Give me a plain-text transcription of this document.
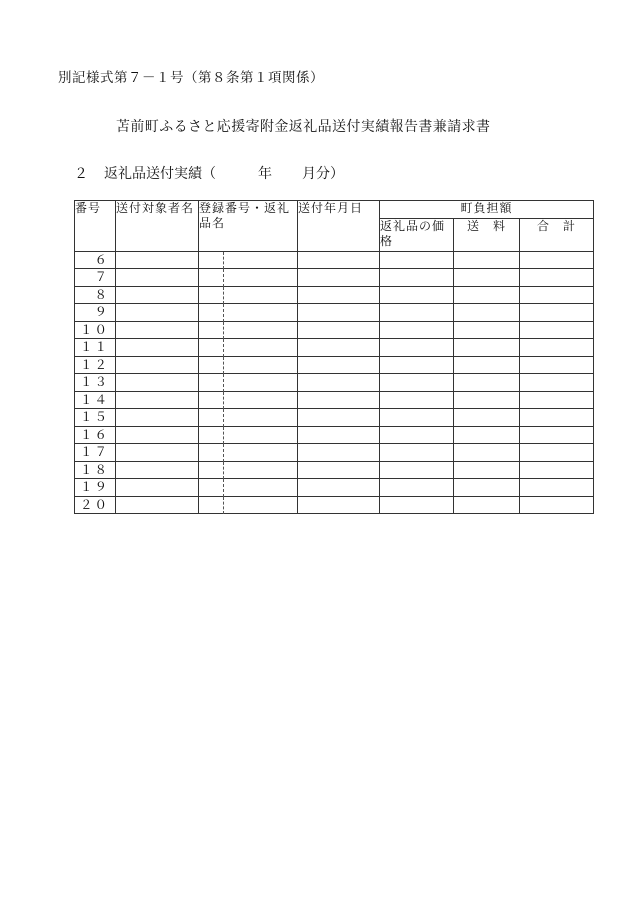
別記様式第７－１号（第８条第１項関係）
苫前町ふるさと応援寄附金返礼品送付実績報告書兼請求書
２ 返礼品送付実績（	年 月分）
番号	送付対象者名	登録番号・返礼品名	送付年月日	町負担額		
				返礼品の価格	送　料	合　計
６						
７						
８						
９						
１０						
１１						
１２						
１３						
１４						
１５						
１６						
１７						
１８						
１９						
２０						
